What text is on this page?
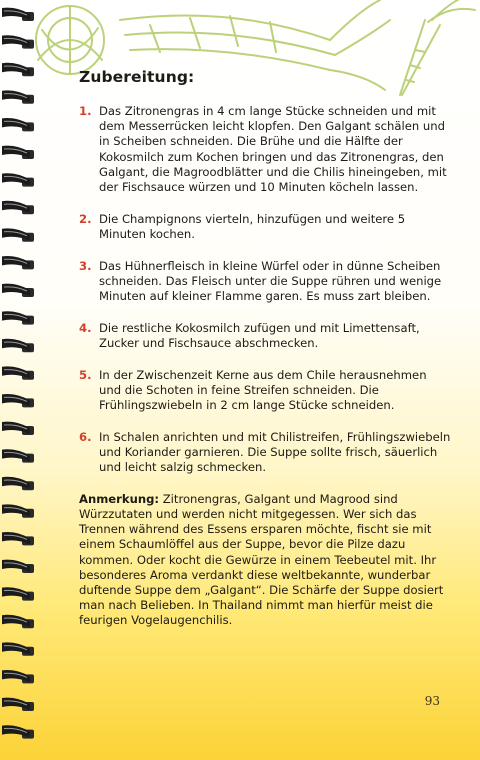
Zubereitung:
1. Das Zitronengras in 4 cm lange Stücke schneiden und mit dem Messerrücken leicht klopfen. Den Galgant schälen und in Scheiben schneiden. Die Brühe und die Hälfte der Kokosmilch zum Kochen bringen und das Zitronengras, den Galgant, die Magroodblätter und die Chilis hineingeben, mit der Fischsauce würzen und 10 Minuten köcheln lassen.
2. Die Champignons vierteln, hinzufügen und weitere 5 Minuten kochen.
3. Das Hühnerfleisch in kleine Würfel oder in dünne Scheiben schneiden. Das Fleisch unter die Suppe rühren und wenige Minuten auf kleiner Flamme garen. Es muss zart bleiben.
4. Die restliche Kokosmilch zufügen und mit Limettensaft, Zucker und Fischsauce abschmecken.
5. In der Zwischenzeit Kerne aus dem Chile herausnehmen und die Schoten in feine Streifen schneiden. Die Frühlingszwiebeln in 2 cm lange Stücke schneiden.
6. In Schalen anrichten und mit Chilistreifen, Frühlingszwiebeln und Koriander garnieren. Die Suppe sollte frisch, säuerlich und leicht salzig schmecken.

Anmerkung: Zitronengras, Galgant und Magrood sind Würzzutaten und werden nicht mitgegessen. Wer sich das Trennen während des Essens ersparen möchte, fischt sie mit einem Schaumlöffel aus der Suppe, bevor die Pilze dazu kommen. Oder kocht die Gewürze in einem Teebeutel mit. Ihr besonderes Aroma verdankt diese weltbekannte, wunderbar duftende Suppe dem „Galgant“. Die Schärfe der Suppe dosiert man nach Belieben. In Thailand nimmt man hierfür meist die feurigen Vogelaugenchilis.

93
